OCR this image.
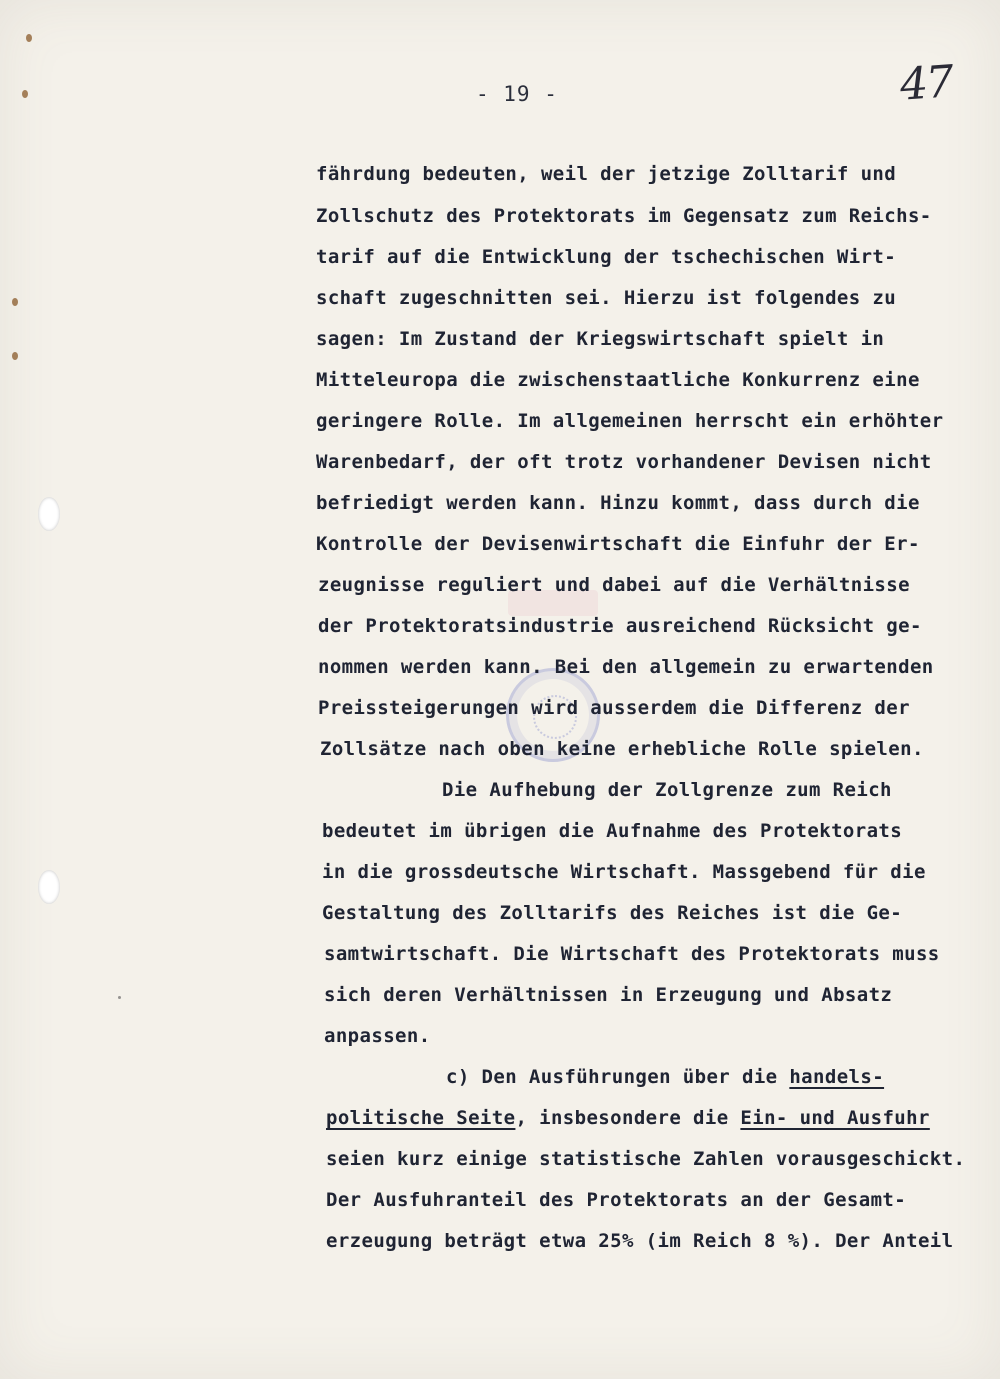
- 19 -	47
fährdung bedeuten, weil der jetzige Zolltarif und
Zollschutz des Protektorats im Gegensatz zum Reichs-
tarif auf die Entwicklung der tschechischen Wirt-
schaft zugeschnitten sei. Hierzu ist folgendes zu
sagen: Im Zustand der Kriegswirtschaft spielt in
Mitteleuropa die zwischenstaatliche Konkurrenz eine
geringere Rolle. Im allgemeinen herrscht ein erhöhter
Warenbedarf, der oft trotz vorhandener Devisen nicht
befriedigt werden kann. Hinzu kommt, dass durch die
Kontrolle der Devisenwirtschaft die Einfuhr der Er-
zeugnisse reguliert und dabei auf die Verhältnisse
der Protektoratsindustrie ausreichend Rücksicht ge-
nommen werden kann. Bei den allgemein zu erwartenden
Preissteigerungen wird ausserdem die Differenz der
Zollsätze nach oben keine erhebliche Rolle spielen.
Die Aufhebung der Zollgrenze zum Reich
bedeutet im übrigen die Aufnahme des Protektorats
in die grossdeutsche Wirtschaft. Massgebend für die
Gestaltung des Zolltarifs des Reiches ist die Ge-
samtwirtschaft. Die Wirtschaft des Protektorats muss
sich deren Verhältnissen in Erzeugung und Absatz
anpassen.
c) Den Ausführungen über die handels-
politische Seite, insbesondere die Ein- und Ausfuhr
seien kurz einige statistische Zahlen vorausgeschickt.
Der Ausfuhranteil des Protektorats an der Gesamt-
erzeugung beträgt etwa 25% (im Reich 8 %). Der Anteil
